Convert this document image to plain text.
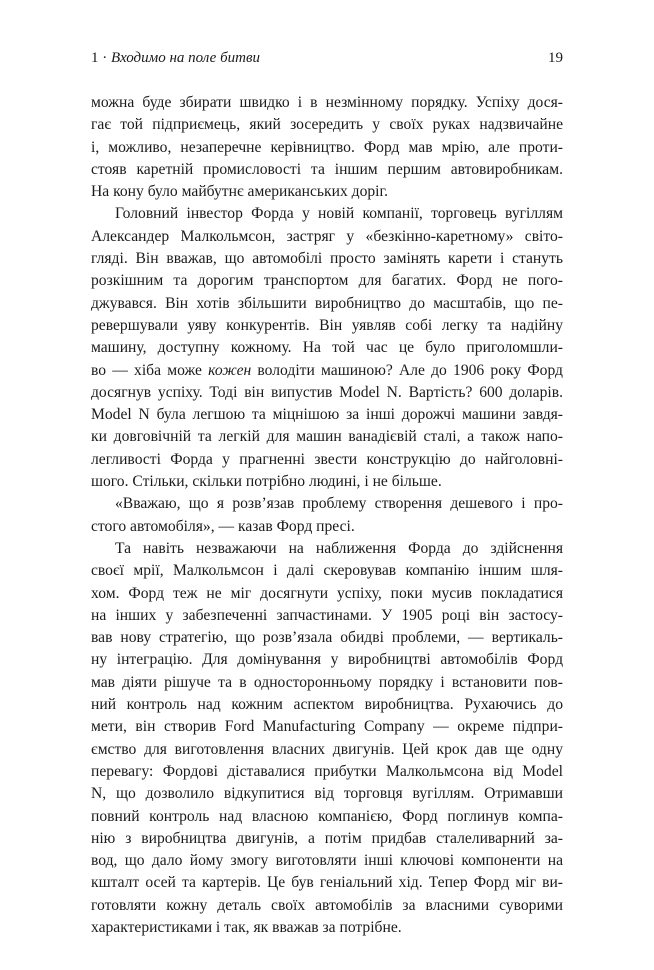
1 · Входимо на поле битви	19
можна буде збирати швидко і в незмінному порядку. Успіху дося-
гає той підприємець, який зосередить у своїх руках надзвичайне
і, можливо, незаперечне керівництво. Форд мав мрію, але проти-
стояв каретній промисловості та іншим першим автовиробникам.
На кону було майбутнє американських доріг.
Головний інвестор Форда у новій компанії, торговець вугіллям
Александер Малкольмсон, застряг у «безкінно-каретному» світо-
гляді. Він вважав, що автомобілі просто замінять карети і стануть
розкішним та дорогим транспортом для багатих. Форд не пого-
джувався. Він хотів збільшити виробництво до масштабів, що пе-
ревершували уяву конкурентів. Він уявляв собі легку та надійну
машину, доступну кожному. На той час це було приголомшли-
во — хіба може кожен володіти машиною? Але до 1906 року Форд
досягнув успіху. Тоді він випустив Model N. Вартість? 600 доларів.
Model N була легшою та міцнішою за інші дорожчі машини завдя-
ки довговічній та легкій для машин ванадієвій сталі, а також напо-
легливості Форда у прагненні звести конструкцію до найголовні-
шого. Стільки, скільки потрібно людині, і не більше.
«Вважаю, що я розв’язав проблему створення дешевого і про-
стого автомобіля», — казав Форд пресі.
Та навіть незважаючи на наближення Форда до здійснення
своєї мрії, Малкольмсон і далі скеровував компанію іншим шля-
хом. Форд теж не міг досягнути успіху, поки мусив покладатися
на інших у забезпеченні запчастинами. У 1905 році він застосу-
вав нову стратегію, що розв’язала обидві проблеми, — вертикаль-
ну інтеграцію. Для домінування у виробництві автомобілів Форд
мав діяти рішуче та в односторонньому порядку і встановити пов-
ний контроль над кожним аспектом виробництва. Рухаючись до
мети, він створив Ford Manufacturing Company — окреме підпри-
ємство для виготовлення власних двигунів. Цей крок дав ще одну
перевагу: Фордові діставалися прибутки Малкольмсона від Model
N, що дозволило відкупитися від торговця вугіллям. Отримавши
повний контроль над власною компанією, Форд поглинув компа-
нію з виробництва двигунів, а потім придбав сталеливарний за-
вод, що дало йому змогу виготовляти інші ключові компоненти на
кшталт осей та картерів. Це був геніальний хід. Тепер Форд міг ви-
готовляти кожну деталь своїх автомобілів за власними суворими
характеристиками і так, як вважав за потрібне.
